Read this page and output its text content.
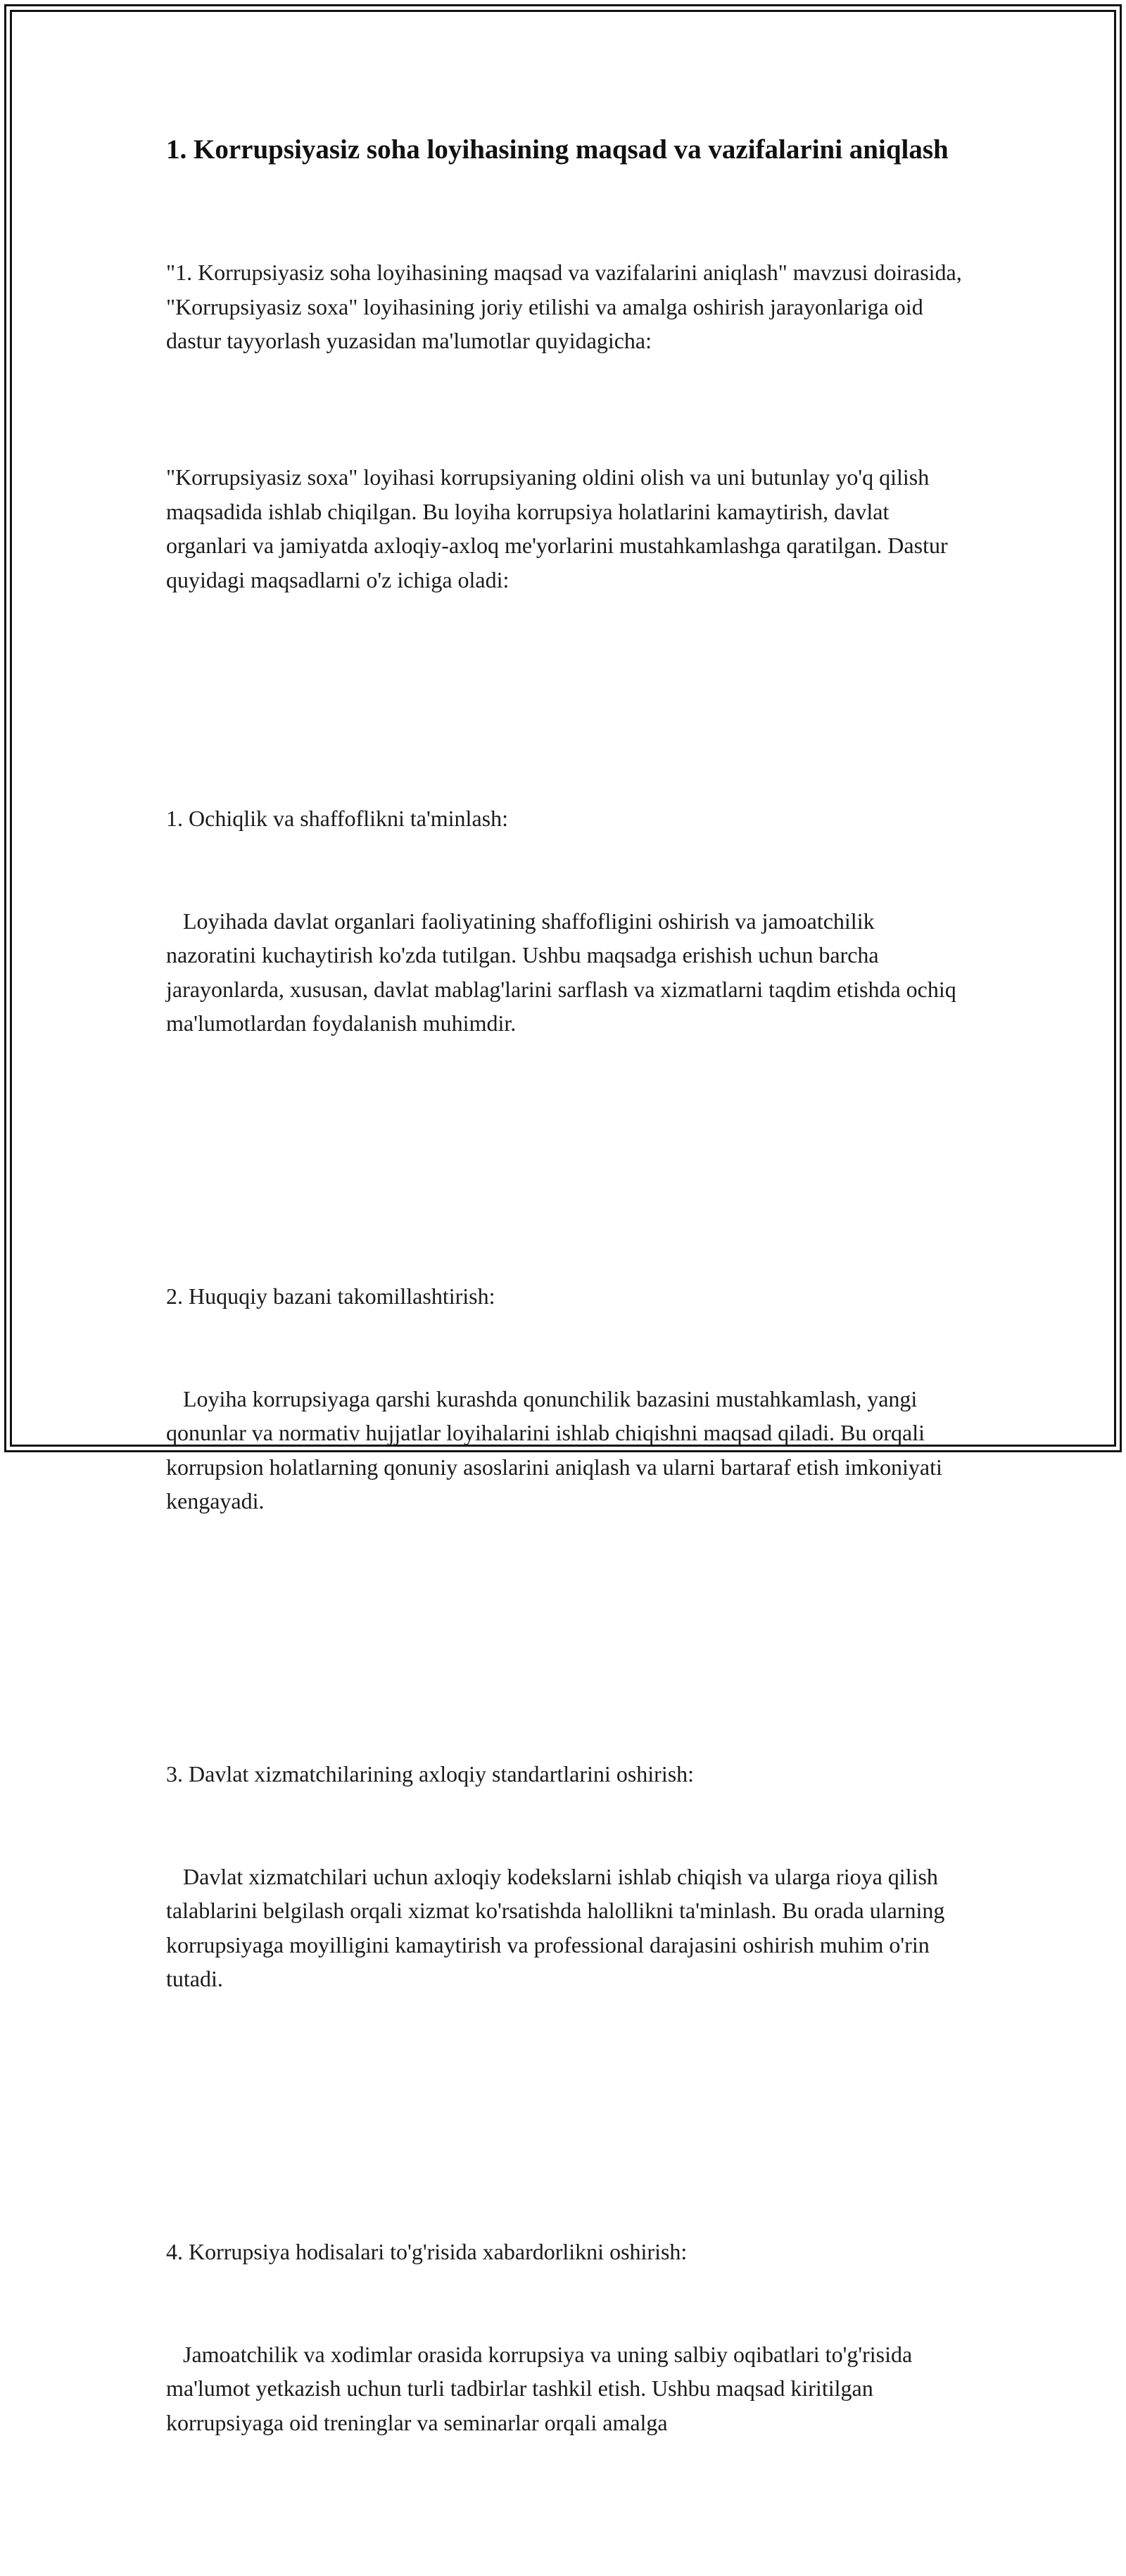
1. Korrupsiyasiz soha loyihasining maqsad va vazifalarini aniqlash

"1. Korrupsiyasiz soha loyihasining maqsad va vazifalarini aniqlash" mavzusi doirasida, "Korrupsiyasiz soxa" loyihasining joriy etilishi va amalga oshirish jarayonlariga oid dastur tayyorlash yuzasidan ma'lumotlar quyidagicha:

"Korrupsiyasiz soxa" loyihasi korrupsiyaning oldini olish va uni butunlay yo'q qilish maqsadida ishlab chiqilgan. Bu loyiha korrupsiya holatlarini kamaytirish, davlat organlari va jamiyatda axloqiy-axloq me'yorlarini mustahkamlashga qaratilgan. Dastur quyidagi maqsadlarni o'z ichiga oladi:

1. Ochiqlik va shaffoflikni ta'minlash:

Loyihada davlat organlari faoliyatining shaffofligini oshirish va jamoatchilik nazoratini kuchaytirish ko'zda tutilgan. Ushbu maqsadga erishish uchun barcha jarayonlarda, xususan, davlat mablag'larini sarflash va xizmatlarni taqdim etishda ochiq ma'lumotlardan foydalanish muhimdir.

2. Huquqiy bazani takomillashtirish:

Loyiha korrupsiyaga qarshi kurashda qonunchilik bazasini mustahkamlash, yangi qonunlar va normativ hujjatlar loyihalarini ishlab chiqishni maqsad qiladi. Bu orqali korrupsion holatlarning qonuniy asoslarini aniqlash va ularni bartaraf etish imkoniyati kengayadi.

3. Davlat xizmatchilarining axloqiy standartlarini oshirish:

Davlat xizmatchilari uchun axloqiy kodekslarni ishlab chiqish va ularga rioya qilish talablarini belgilash orqali xizmat ko'rsatishda halollikni ta'minlash. Bu orada ularning korrupsiyaga moyilligini kamaytirish va professional darajasini oshirish muhim o'rin tutadi.

4. Korrupsiya hodisalari to'g'risida xabardorlikni oshirish:

Jamoatchilik va xodimlar orasida korrupsiya va uning salbiy oqibatlari to'g'risida ma'lumot yetkazish uchun turli tadbirlar tashkil etish. Ushbu maqsad kiritilgan korrupsiyaga oid treninglar va seminarlar orqali amalga
